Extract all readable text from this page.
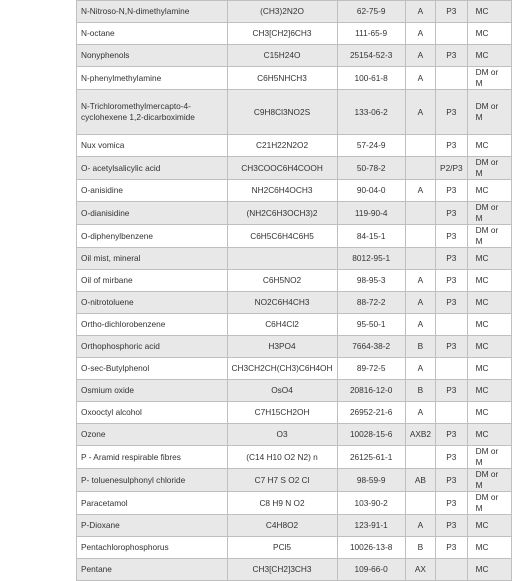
N-Nitroso-N,N-dimethylamine	(CH3)2N2O	62-75-9	A	P3	MC

N-octane	CH3[CH2]6CH3	111-65-9	A		MC

Nonyphenols	C15H24O	25154-52-3	A	P3	MC

N-phenylmethylamine	C6H5NHCH3	100-61-8	A		DM or M

N-Trichloromethylmercapto-4-cyclohexene 1,2-dicarboximide	C9H8Cl3NO2S	133-06-2	A	P3	DM or M

Nux vomica	C21H22N2O2	57-24-9		P3	MC

O- acetylsalicylic acid	CH3COOC6H4COOH	50-78-2		P2/P3	DM or M

O-anisidine	NH2C6H4OCH3	90-04-0	A	P3	MC

O-dianisidine	(NH2C6H3OCH3)2	119-90-4		P3	DM or M

O-diphenylbenzene	C6H5C6H4C6H5	84-15-1		P3	DM or M

Oil mist, mineral		8012-95-1		P3	MC

Oil of mirbane	C6H5NO2	98-95-3	A	P3	MC

O-nitrotoluene	NO2C6H4CH3	88-72-2	A	P3	MC

Ortho-dichlorobenzene	C6H4Cl2	95-50-1	A		MC

Orthophosphoric acid	H3PO4	7664-38-2	B	P3	MC

O-sec-Butylphenol	CH3CH2CH(CH3)C6H4OH	89-72-5	A		MC

Osmium oxide	OsO4	20816-12-0	B	P3	MC

Oxooctyl alcohol	C7H15CH2OH	26952-21-6	A		MC

Ozone	O3	10028-15-6	AXB2	P3	MC

P - Aramid respirable fibres	(C14 H10 O2 N2) n	26125-61-1		P3	DM or M

P- toluenesulphonyl chloride	C7 H7 S O2 Cl	98-59-9	AB	P3	DM or M

Paracetamol	C8 H9 N O2	103-90-2		P3	DM or M

P-Dioxane	C4H8O2	123-91-1	A	P3	MC

Pentachlorophosphorus	PCl5	10026-13-8	B	P3	MC

Pentane	CH3[CH2]3CH3	109-66-0	AX		MC
